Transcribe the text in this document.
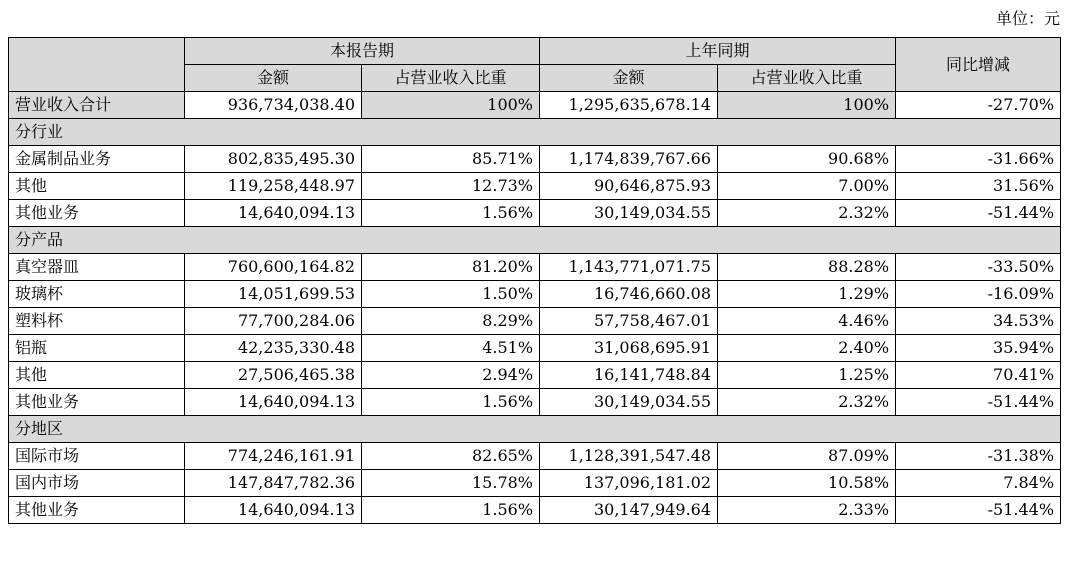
单位：元
	本报告期		上年同期		同比增减
	金额	占营业收入比重	金额	占营业收入比重	
营业收入合计	936,734,038.40	100%	1,295,635,678.14	100%	-27.70%
分行业					
金属制品业务	802,835,495.30	85.71%	1,174,839,767.66	90.68%	-31.66%
其他	119,258,448.97	12.73%	90,646,875.93	7.00%	31.56%
其他业务	14,640,094.13	1.56%	30,149,034.55	2.32%	-51.44%
分产品					
真空器皿	760,600,164.82	81.20%	1,143,771,071.75	88.28%	-33.50%
玻璃杯	14,051,699.53	1.50%	16,746,660.08	1.29%	-16.09%
塑料杯	77,700,284.06	8.29%	57,758,467.01	4.46%	34.53%
铝瓶	42,235,330.48	4.51%	31,068,695.91	2.40%	35.94%
其他	27,506,465.38	2.94%	16,141,748.84	1.25%	70.41%
其他业务	14,640,094.13	1.56%	30,149,034.55	2.32%	-51.44%
分地区					
国际市场	774,246,161.91	82.65%	1,128,391,547.48	87.09%	-31.38%
国内市场	147,847,782.36	15.78%	137,096,181.02	10.58%	7.84%
其他业务	14,640,094.13	1.56%	30,147,949.64	2.33%	-51.44%
